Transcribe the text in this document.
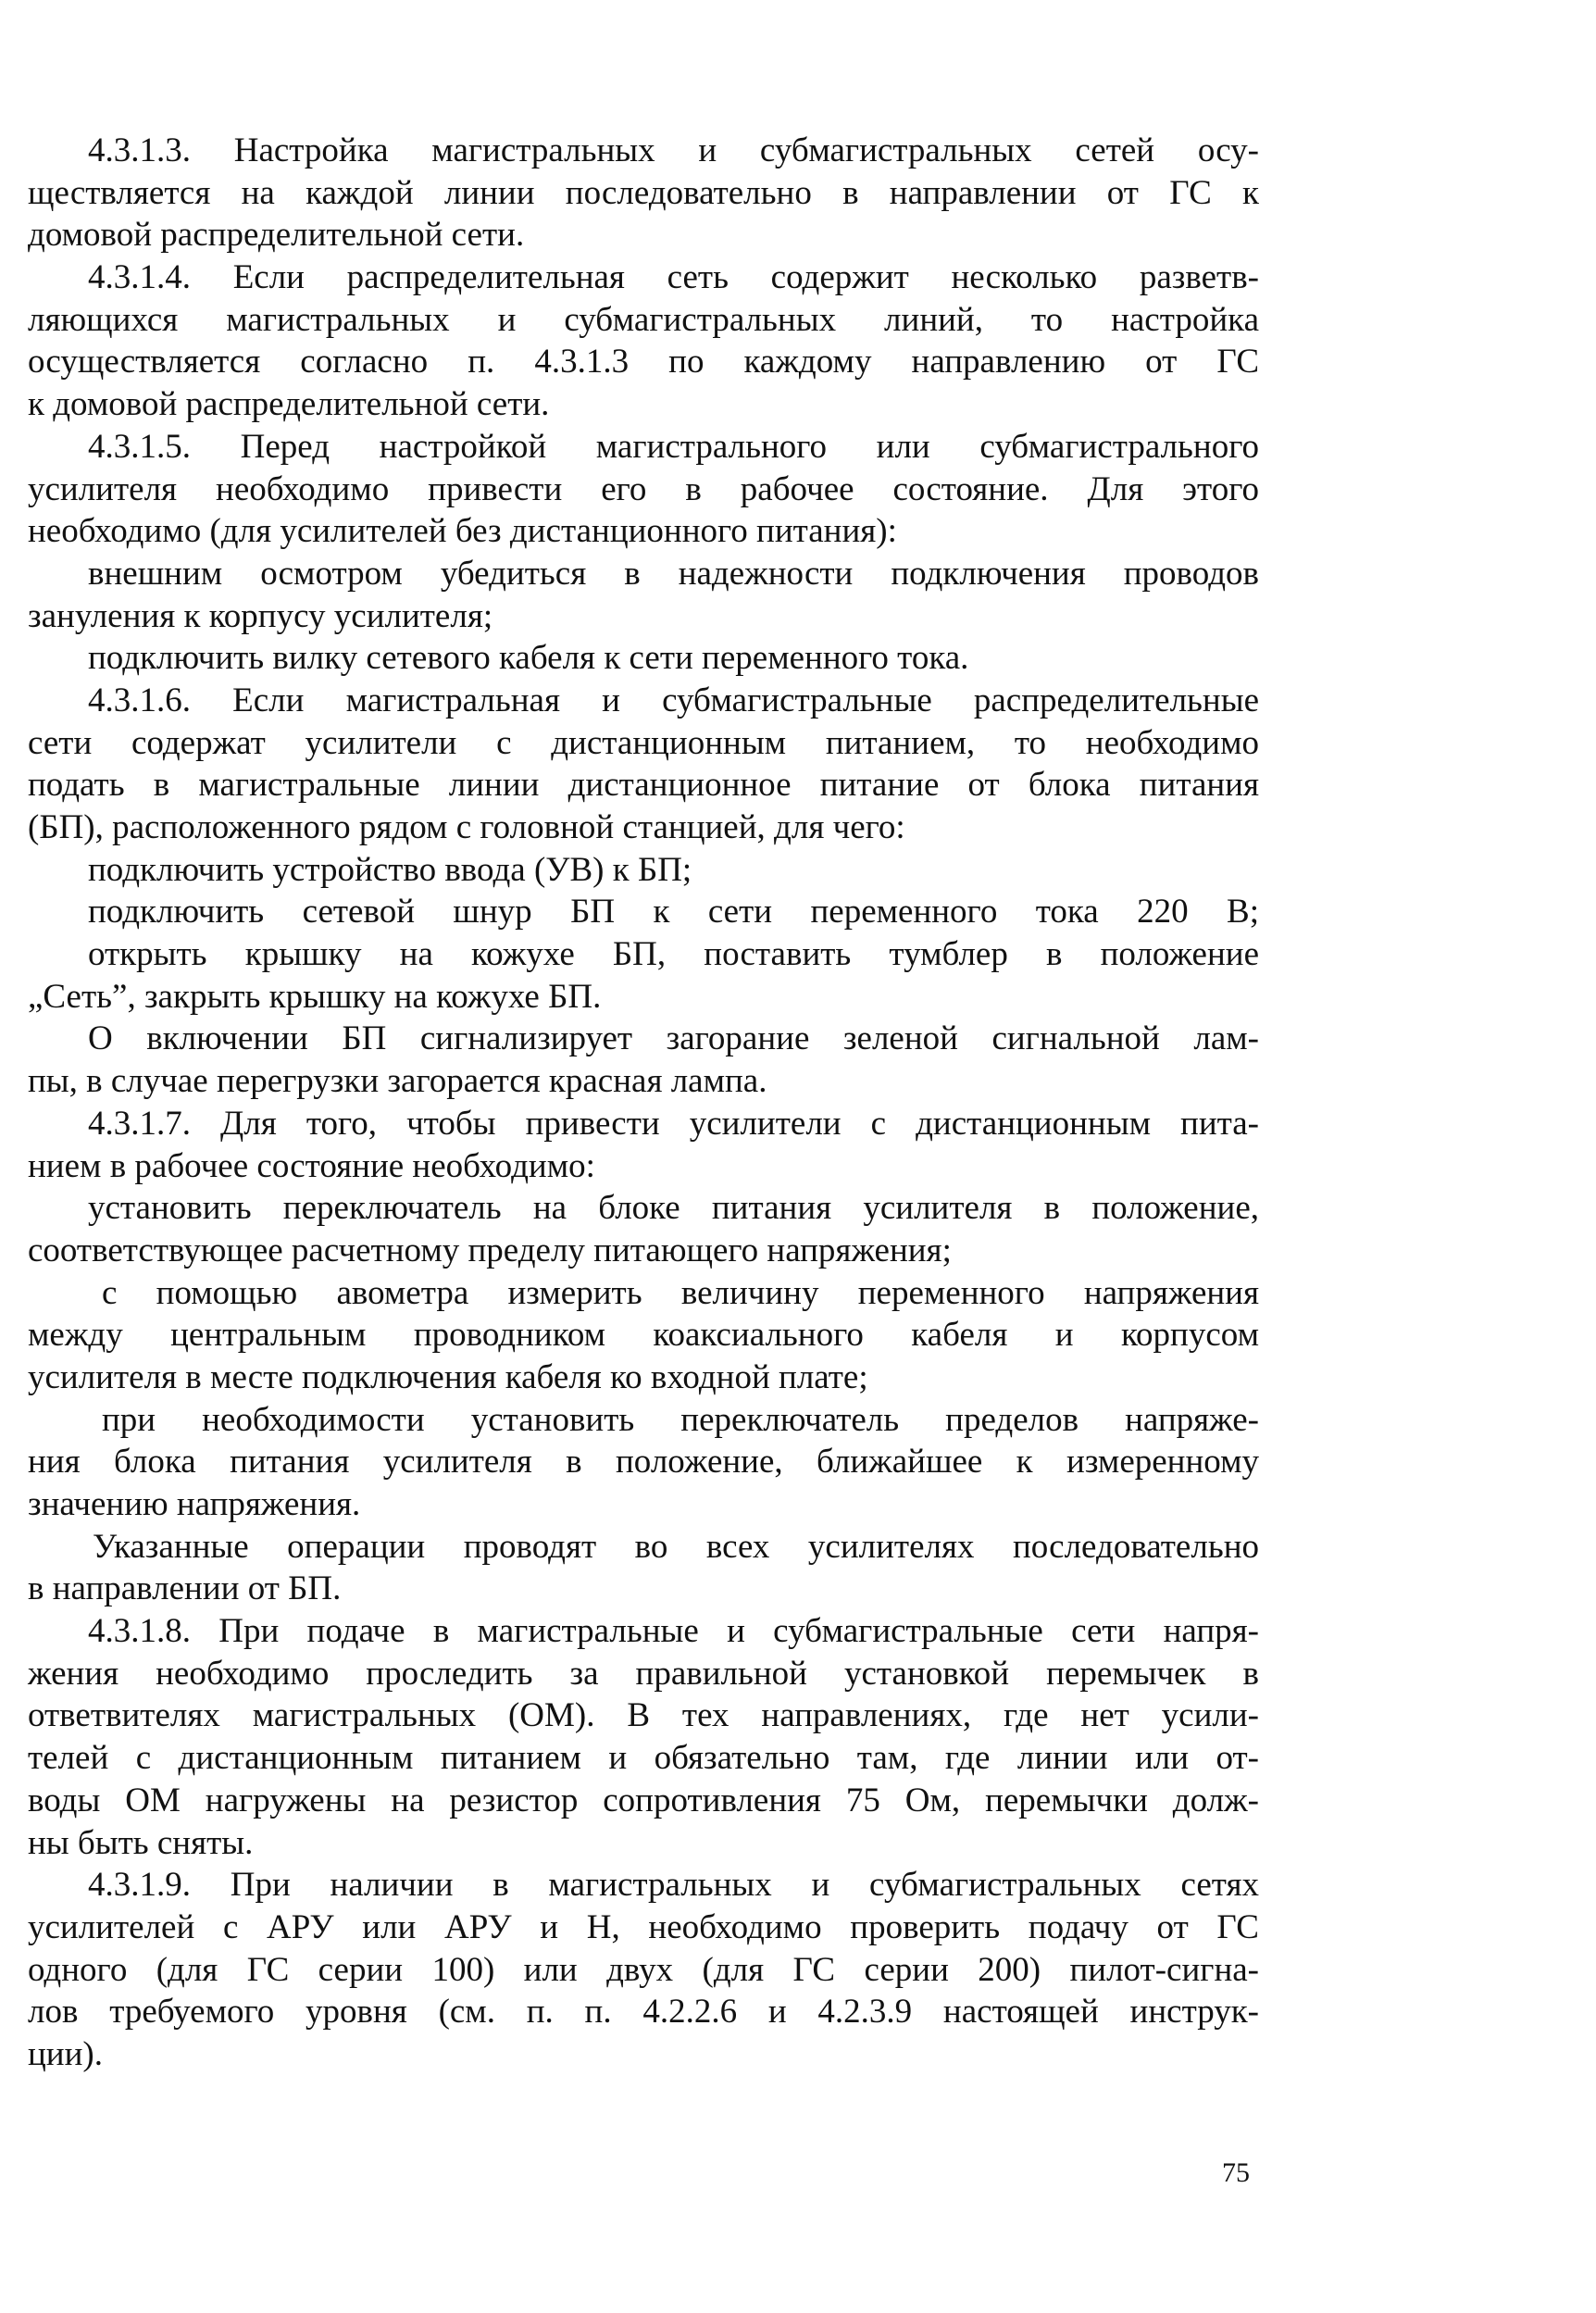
4.3.1.3. Настройка магистральных и субмагистральных сетей осу-
ществляется на каждой линии последовательно в направлении от ГС к
домовой распределительной сети.
4.3.1.4. Если распределительная сеть содержит несколько разветв-
ляющихся магистральных и субмагистральных линий, то настройка
осуществляется согласно п. 4.3.1.3 по каждому направлению от ГС
к домовой распределительной сети.
4.3.1.5. Перед настройкой магистрального или субмагистрального
усилителя необходимо привести его в рабочее состояние. Для этого
необходимо (для усилителей без дистанционного питания):
внешним осмотром убедиться в надежности подключения проводов
зануления к корпусу усилителя;
подключить вилку сетевого кабеля к сети переменного тока.
4.3.1.6. Если магистральная и субмагистральные распределительные
сети содержат усилители с дистанционным питанием, то необходимо
подать в магистральные линии дистанционное питание от блока питания
(БП), расположенного рядом с головной станцией, для чего:
подключить устройство ввода (УВ) к БП;
подключить сетевой шнур БП к сети переменного тока 220 В;
открыть крышку на кожухе БП, поставить тумблер в положение
„Сеть”, закрыть крышку на кожухе БП.
О включении БП сигнализирует загорание зеленой сигнальной лам-
пы, в случае перегрузки загорается красная лампа.
4.3.1.7. Для того, чтобы привести усилители с дистанционным пита-
нием в рабочее состояние необходимо:
установить переключатель на блоке питания усилителя в положение,
соответствующее расчетному пределу питающего напряжения;
с помощью авометра измерить величину переменного напряжения
между центральным проводником коаксиального кабеля и корпусом
усилителя в месте подключения кабеля ко входной плате;
при необходимости установить переключатель пределов напряже-
ния блока питания усилителя в положение, ближайшее к измеренному
значению напряжения.
Указанные операции проводят во всех усилителях последовательно
в направлении от БП.
4.3.1.8. При подаче в магистральные и субмагистральные сети напря-
жения необходимо проследить за правильной установкой перемычек в
ответвителях магистральных (ОМ). В тех направлениях, где нет усили-
телей с дистанционным питанием и обязательно там, где линии или от-
воды ОМ нагружены на резистор сопротивления 75 Ом, перемычки долж-
ны быть сняты.
4.3.1.9. При наличии в магистральных и субмагистральных сетях
усилителей с АРУ или АРУ и Н, необходимо проверить подачу от ГС
одного (для ГС серии 100) или двух (для ГС серии 200) пилот-сигна-
лов требуемого уровня (см. п. п. 4.2.2.6 и 4.2.3.9 настоящей инструк-
ции).
75
